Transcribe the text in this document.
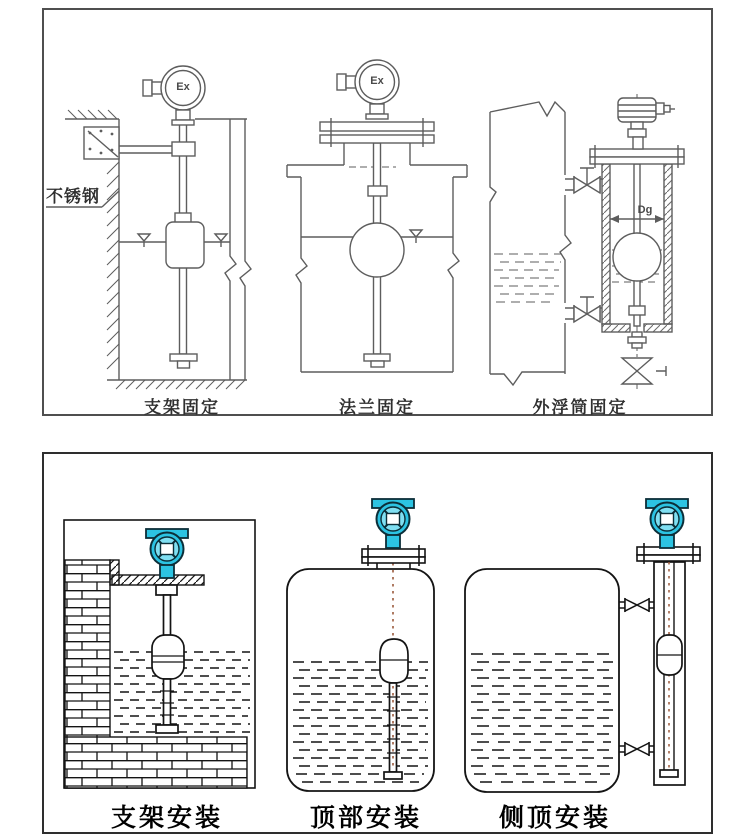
不锈钢
Ex	Ex
Dg
支架固定	法兰固定	外浮筒固定
支架安装	顶部安装	侧顶安装
